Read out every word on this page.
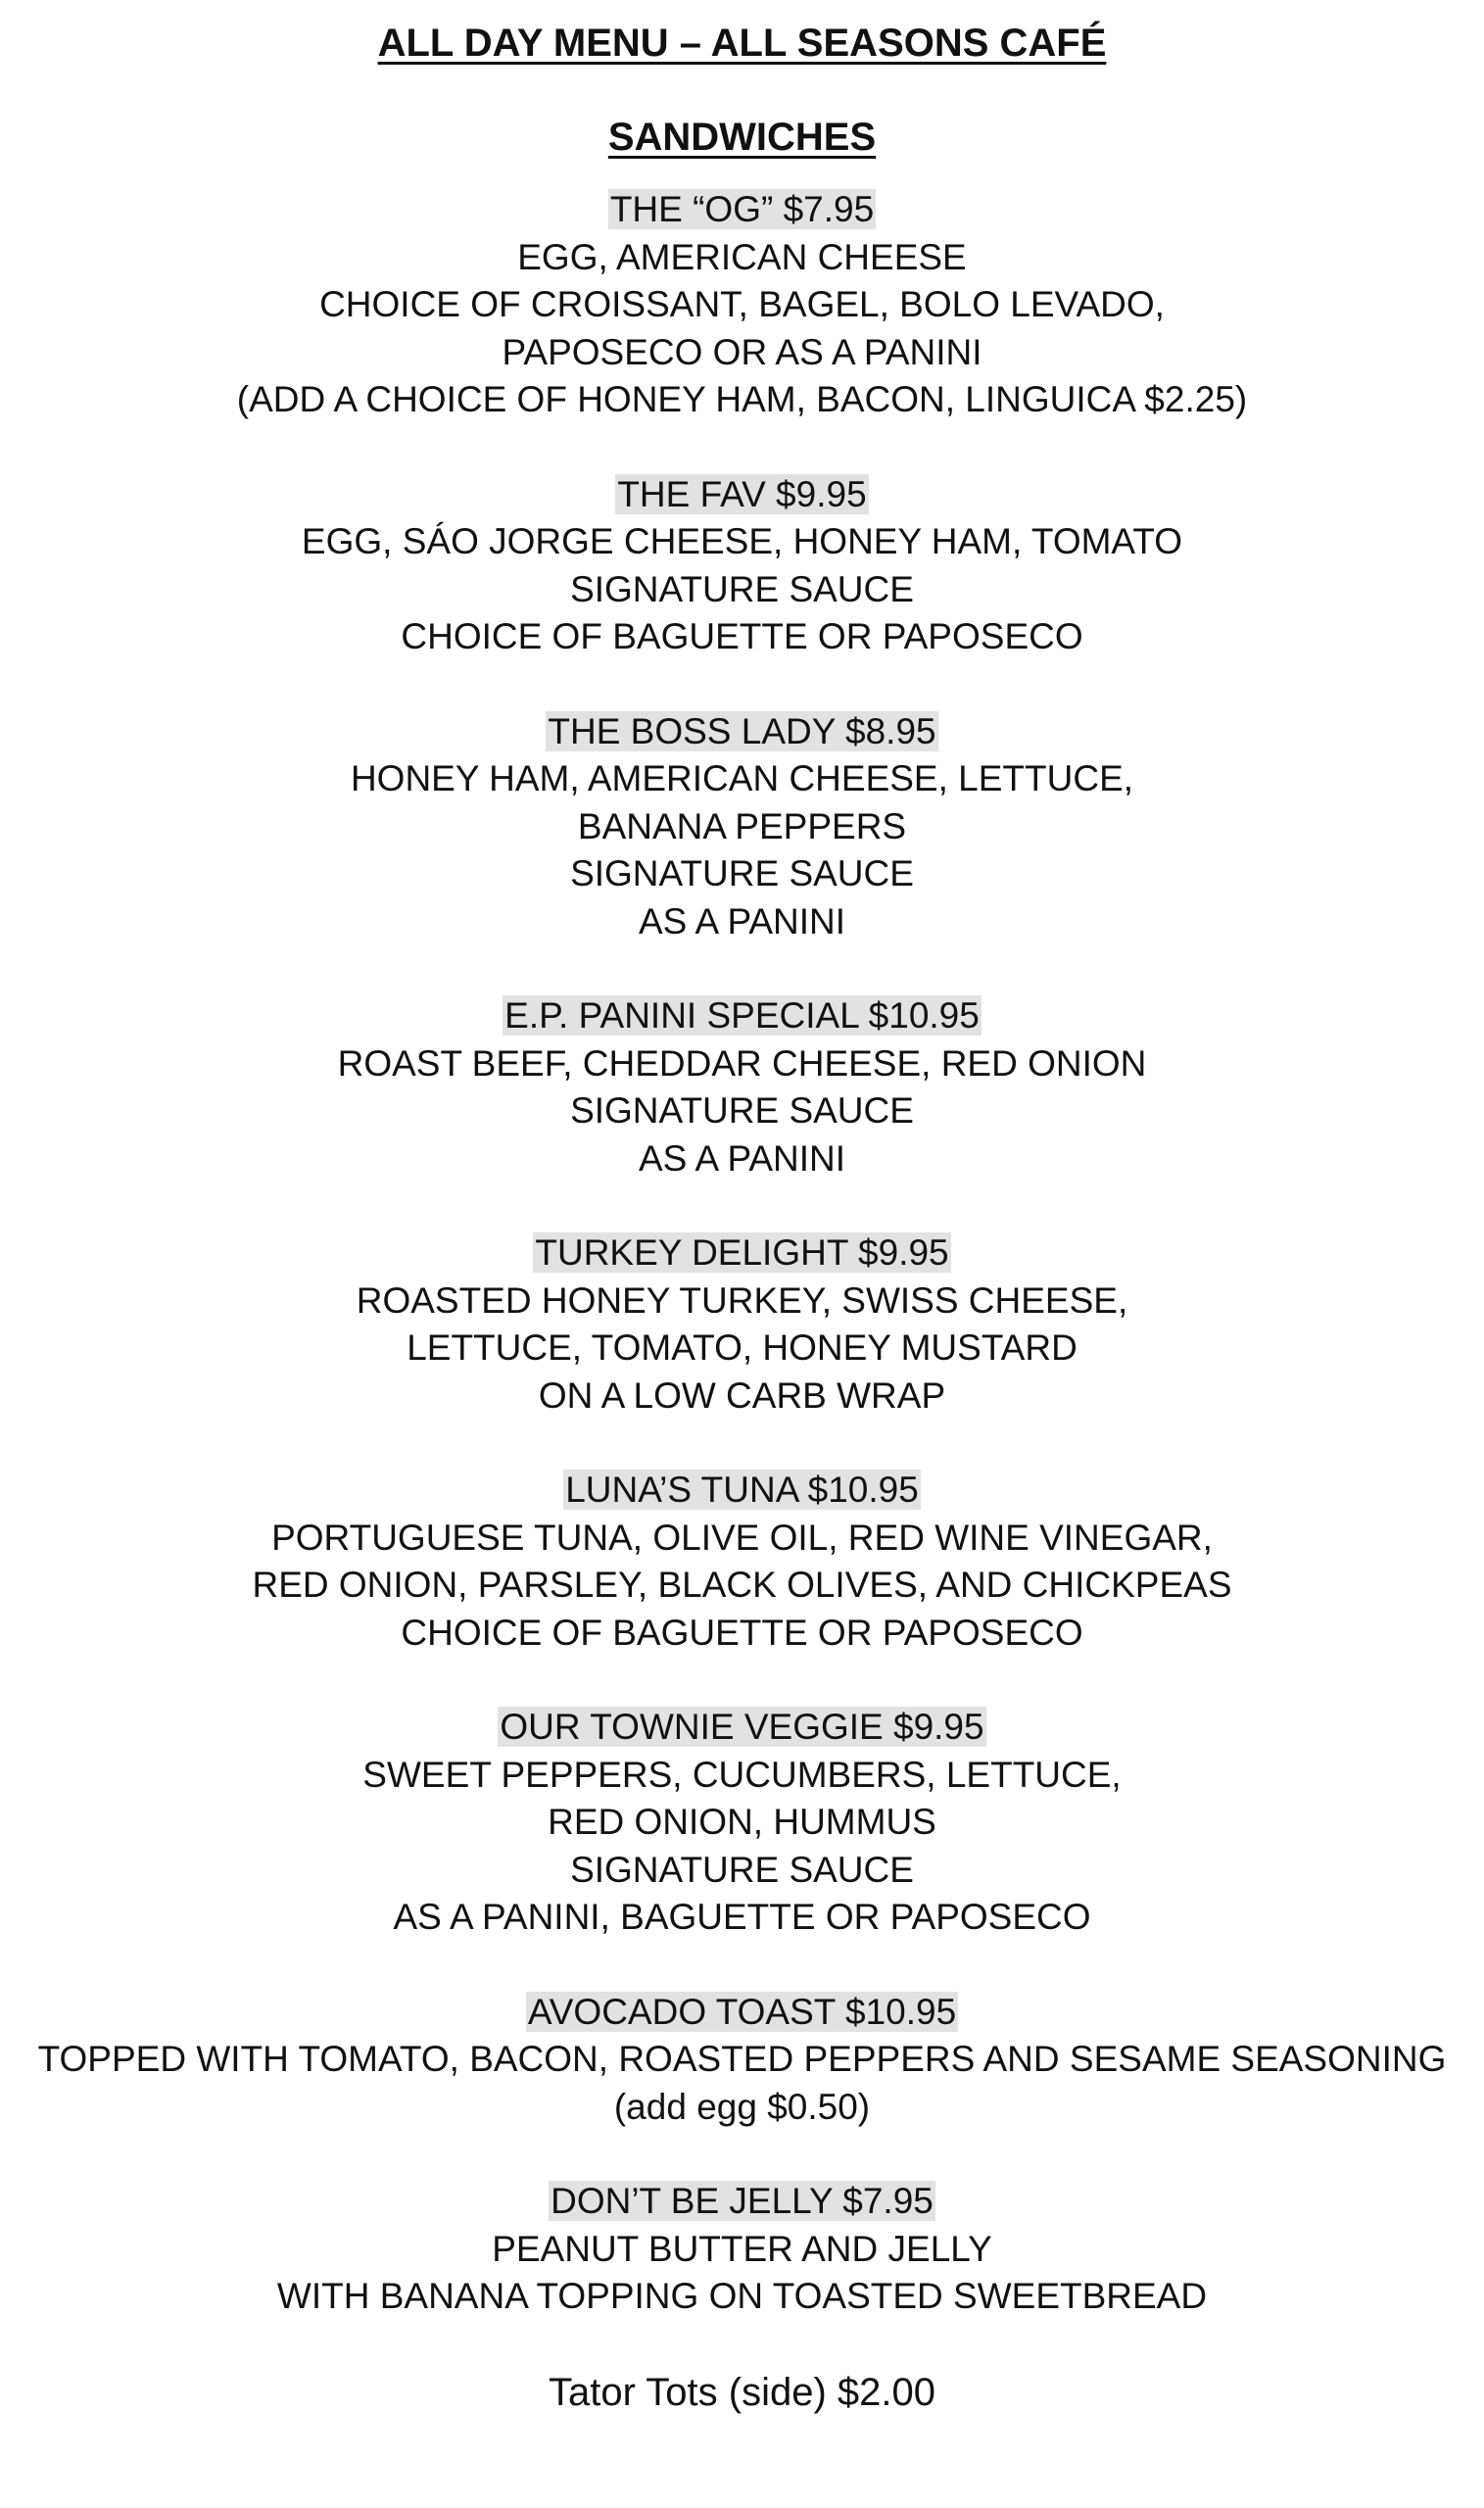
ALL DAY MENU – ALL SEASONS CAFÉ
SANDWICHES

THE “OG” $7.95

EGG, AMERICAN CHEESE

CHOICE OF CROISSANT, BAGEL, BOLO LEVADO,

PAPOSECO OR AS A PANINI

(ADD A CHOICE OF HONEY HAM, BACON, LINGUICA $2.25)

THE FAV $9.95

EGG, SÁO JORGE CHEESE, HONEY HAM, TOMATO

SIGNATURE SAUCE

CHOICE OF BAGUETTE OR PAPOSECO

THE BOSS LADY $8.95

HONEY HAM, AMERICAN CHEESE, LETTUCE,

BANANA PEPPERS

SIGNATURE SAUCE

AS A PANINI

E.P. PANINI SPECIAL $10.95

ROAST BEEF, CHEDDAR CHEESE, RED ONION

SIGNATURE SAUCE

AS A PANINI

TURKEY DELIGHT $9.95

ROASTED HONEY TURKEY, SWISS CHEESE,

LETTUCE, TOMATO, HONEY MUSTARD

ON A LOW CARB WRAP

LUNA’S TUNA $10.95

PORTUGUESE TUNA, OLIVE OIL, RED WINE VINEGAR,

RED ONION, PARSLEY, BLACK OLIVES, AND CHICKPEAS

CHOICE OF BAGUETTE OR PAPOSECO

OUR TOWNIE VEGGIE $9.95

SWEET PEPPERS, CUCUMBERS, LETTUCE,

RED ONION, HUMMUS

SIGNATURE SAUCE

AS A PANINI, BAGUETTE OR PAPOSECO

AVOCADO TOAST $10.95

TOPPED WITH TOMATO, BACON, ROASTED PEPPERS AND SESAME SEASONING

(add egg $0.50)

DON’T BE JELLY $7.95

PEANUT BUTTER AND JELLY

WITH BANANA TOPPING ON TOASTED SWEETBREAD

Tator Tots (side) $2.00
